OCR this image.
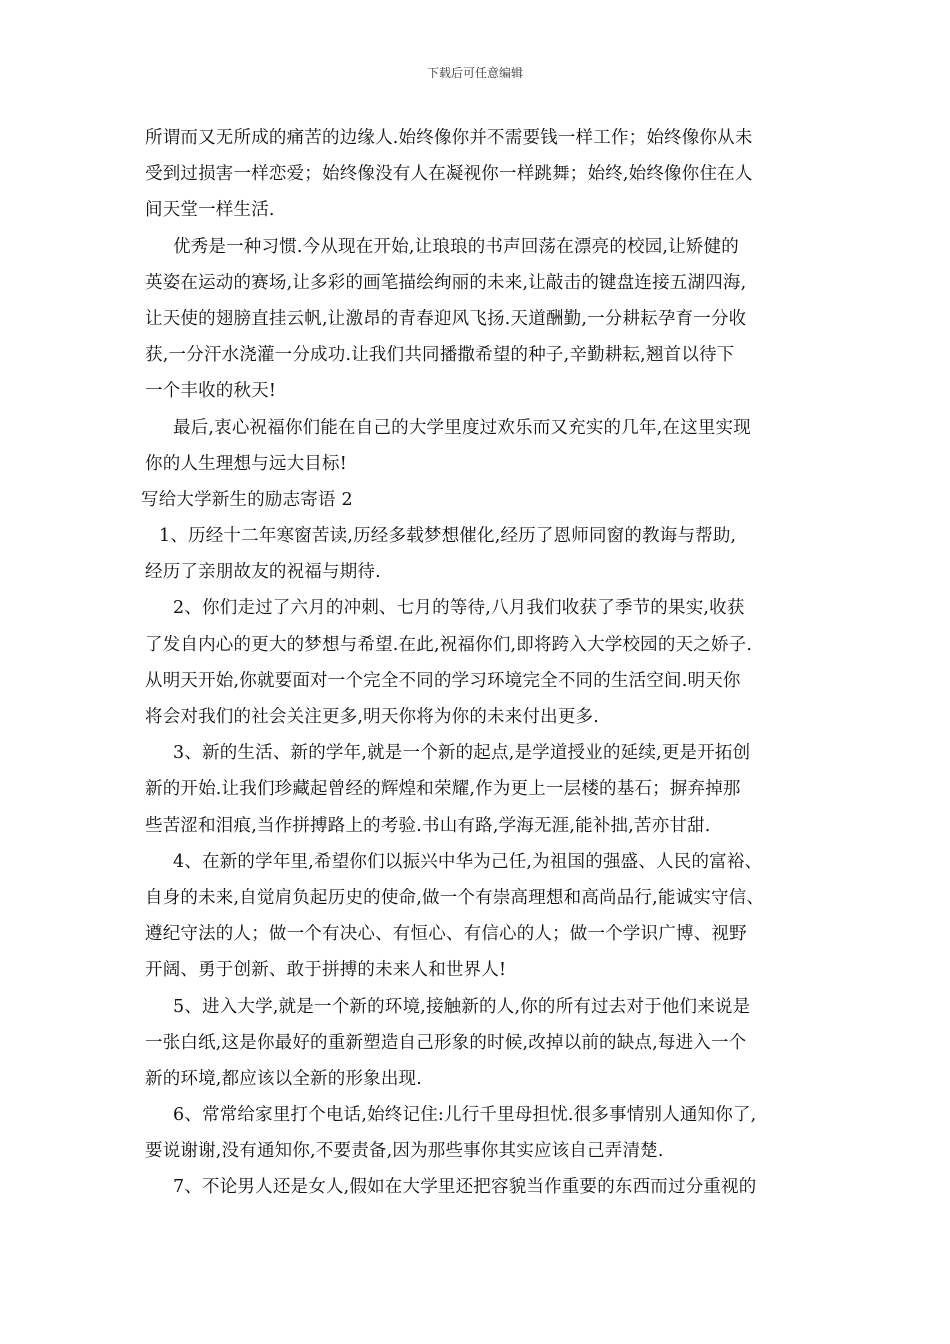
下载后可任意编辑
所谓而又无所成的痛苦的边缘人.始终像你并不需要钱一样工作；始终像你从未
受到过损害一样恋爱；始终像没有人在凝视你一样跳舞；始终,始终像你住在人
间天堂一样生活.
优秀是一种习惯.今从现在开始,让琅琅的书声回荡在漂亮的校园,让矫健的
英姿在运动的赛场,让多彩的画笔描绘绚丽的未来,让敲击的键盘连接五湖四海,
让天使的翅膀直挂云帆,让激昂的青春迎风飞扬.天道酬勤,一分耕耘孕育一分收
获,一分汗水浇灌一分成功.让我们共同播撒希望的种子,辛勤耕耘,翘首以待下
一个丰收的秋天!
最后,衷心祝福你们能在自己的大学里度过欢乐而又充实的几年,在这里实现
你的人生理想与远大目标!
写给大学新生的励志寄语 2
1、历经十二年寒窗苦读,历经多载梦想催化,经历了恩师同窗的教诲与帮助,
经历了亲朋故友的祝福与期待.
2、你们走过了六月的冲刺、七月的等待,八月我们收获了季节的果实,收获
了发自内心的更大的梦想与希望.在此,祝福你们,即将跨入大学校园的天之娇子.
从明天开始,你就要面对一个完全不同的学习环境完全不同的生活空间.明天你
将会对我们的社会关注更多,明天你将为你的未来付出更多.
3、新的生活、新的学年,就是一个新的起点,是学道授业的延续,更是开拓创
新的开始.让我们珍藏起曾经的辉煌和荣耀,作为更上一层楼的基石；摒弃掉那
些苦涩和泪痕,当作拼搏路上的考验.书山有路,学海无涯,能补拙,苦亦甘甜.
4、在新的学年里,希望你们以振兴中华为己任,为祖国的强盛、人民的富裕、
自身的未来,自觉肩负起历史的使命,做一个有崇高理想和高尚品行,能诚实守信、
遵纪守法的人；做一个有决心、有恒心、有信心的人；做一个学识广博、视野
开阔、勇于创新、敢于拼搏的未来人和世界人!
5、进入大学,就是一个新的环境,接触新的人,你的所有过去对于他们来说是
一张白纸,这是你最好的重新塑造自己形象的时候,改掉以前的缺点,每进入一个
新的环境,都应该以全新的形象出现.
6、常常给家里打个电话,始终记住:儿行千里母担忧.很多事情别人通知你了,
要说谢谢,没有通知你,不要责备,因为那些事你其实应该自己弄清楚.
7、不论男人还是女人,假如在大学里还把容貌当作重要的东西而过分重视的
